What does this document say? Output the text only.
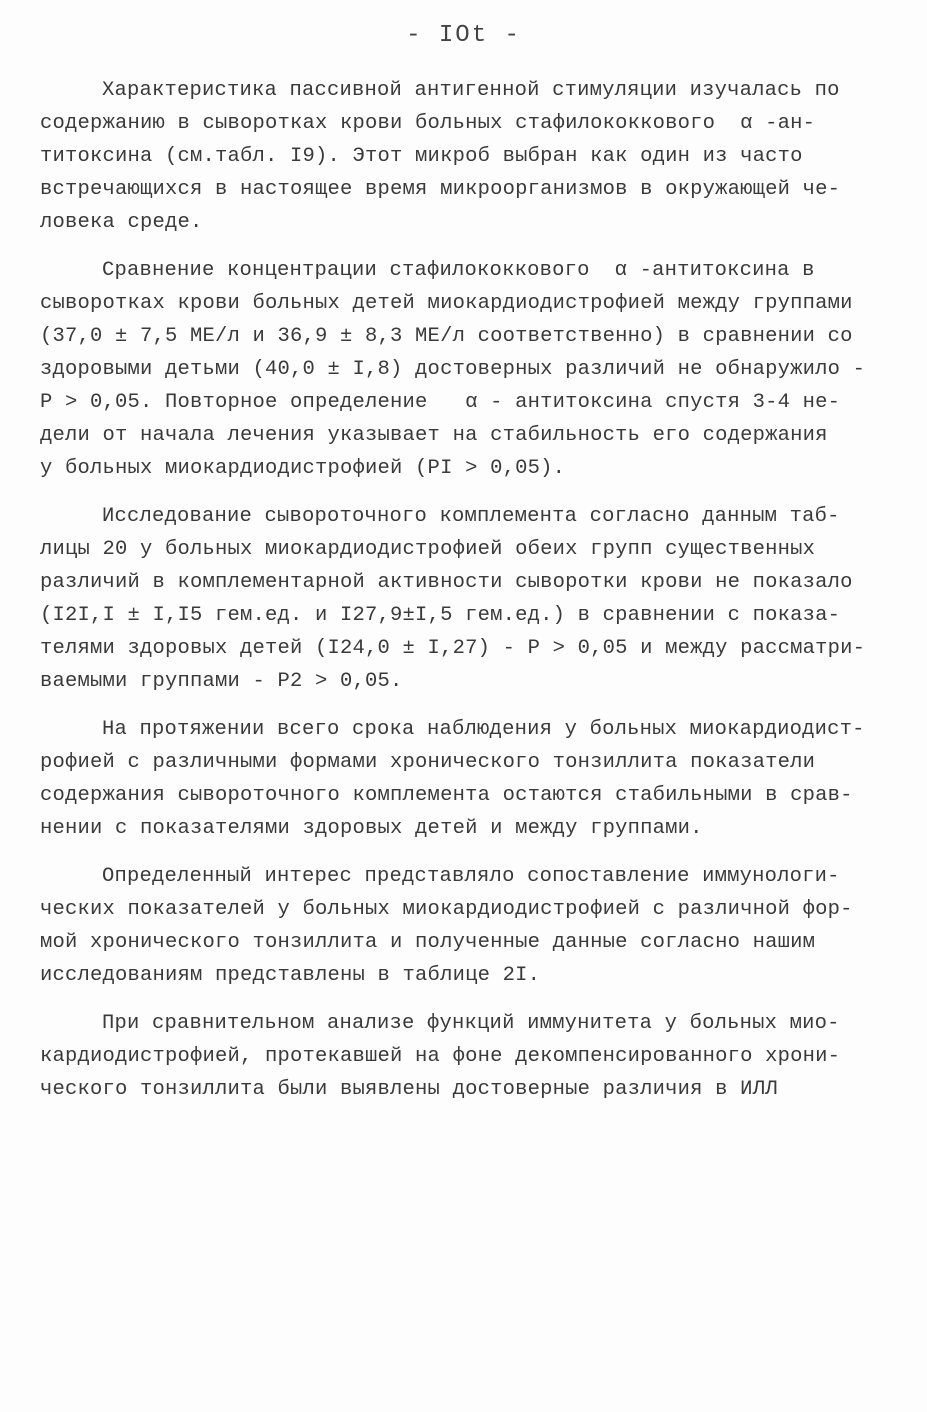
- IOt -
Характеристика пассивной антигенной стимуляции изучалась по
содержанию в сыворотках крови больных стафилококкового  α -ан-
титоксина (см.табл. I9). Этот микроб выбран как один из часто
встречающихся в настоящее время микроорганизмов в окружающей че-
ловека среде.
Сравнение концентрации стафилококкового  α -антитоксина в
сыворотках крови больных детей миокардиодистрофией между группами
(37,0 ± 7,5 МЕ/л и 36,9 ± 8,3 МЕ/л соответственно) в сравнении со
здоровыми детьми (40,0 ± I,8) достоверных различий не обнаружило -
P > 0,05. Повторное определение   α - антитоксина спустя 3-4 не-
дели от начала лечения указывает на стабильность его содержания
у больных миокардиодистрофией (PI > 0,05).
Исследование сывороточного комплемента согласно данным таб-
лицы 20 у больных миокардиодистрофией обеих групп существенных
различий в комплементарной активности сыворотки крови не показало
(I2I,I ± I,I5 гем.ед. и I27,9±I,5 гем.ед.) в сравнении с показа-
телями здоровых детей (I24,0 ± I,27) - P > 0,05 и между рассматри-
ваемыми группами - P2 > 0,05.
На протяжении всего срока наблюдения у больных миокардиодист-
рофией с различными формами хронического тонзиллита показатели
содержания сывороточного комплемента остаются стабильными в срав-
нении с показателями здоровых детей и между группами.
Определенный интерес представляло сопоставление иммунологи-
ческих показателей у больных миокардиодистрофией с различной фор-
мой хронического тонзиллита и полученные данные согласно нашим
исследованиям представлены в таблице 2I.
При сравнительном анализе функций иммунитета у больных мио-
кардиодистрофией, протекавшей на фоне декомпенсированного хрони-
ческого тонзиллита были выявлены достоверные различия в ИЛЛ
